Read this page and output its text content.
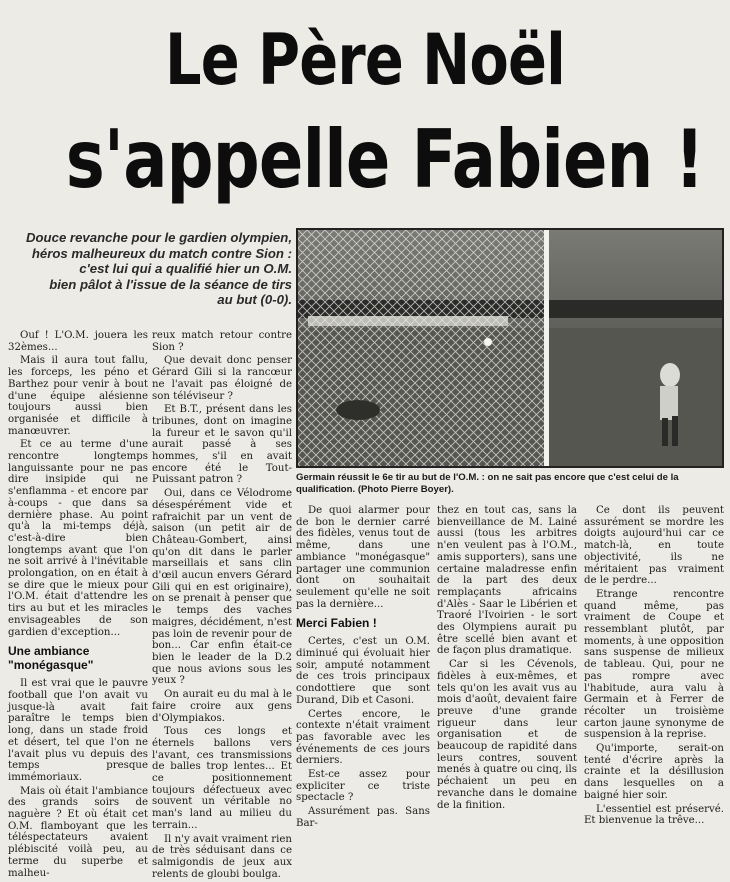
Le Père Noël
s'appelle Fabien !
Douce revanche pour le gardien olympien,
héros malheureux du match contre Sion :
c'est lui qui a qualifié hier un O.M.
bien pâlot à l'issue de la séance de tirs
au but (0-0).
Germain réussit le 6e tir au but de l'O.M. : on ne sait pas encore que c'est celui de la qualification. (Photo Pierre Boyer).

Ouf ! L'O.M. jouera les 32èmes...

Mais il aura tout fallu, les forceps, les péno et Barthez pour venir à bout d'une équipe alésienne toujours aussi bien organisée et difficile à manœuvrer.

Et ce au terme d'une rencontre longtemps languissante pour ne pas dire insipide qui ne s'enflamma - et encore par à-coups - que dans sa dernière phase. Au point qu'à la mi-temps déjà, c'est-à-dire bien longtemps avant que l'on ne soit arrivé à l'inévitable prolongation, on en était à se dire que le mieux pour l'O.M. était d'attendre les tirs au but et les miracles envisageables de son gardien d'exception...

Une ambiance
"monégasque"

Il est vrai que le pauvre football que l'on avait vu jusque-là avait fait paraître le temps bien long, dans un stade froid et désert, tel que l'on ne l'avait plus vu depuis des temps presque immémoriaux.

Mais où était l'ambiance des grands soirs de naguère ? Et où était cet O.M. flamboyant que les téléspectateurs avaient plébiscité voilà peu, au terme du superbe et malheu-

reux match retour contre Sion ?

Que devait donc penser Gérard Gili si la rancœur ne l'avait pas éloigné de son téléviseur ?

Et B.T., présent dans les tribunes, dont on imagine la fureur et le savon qu'il aurait passé à ses hommes, s'il en avait encore été le Tout-Puissant patron ?

Oui, dans ce Vélodrome désespérément vide et rafraichit par un vent de saison (un petit air de Château-Gombert, ainsi qu'on dit dans le parler marseillais et sans clin d'œil aucun envers Gérard Gili qui en est originaire), on se prenait à penser que le temps des vaches maigres, décidément, n'est pas loin de revenir pour de bon... Car enfin était-ce bien le leader de la D.2 que nous avions sous les yeux ?

On aurait eu du mal à le faire croire aux gens d'Olympiakos.

Tous ces longs et éternels ballons vers l'avant, ces transmissions de balles trop lentes... Et ce positionnement toujours défectueux avec souvent un véritable no man's land au milieu du terrain...

Il n'y avait vraiment rien de très séduisant dans ce salmigondis de jeux aux relents de gloubi boulga.

De quoi alarmer pour de bon le dernier carré des fidèles, venus tout de même, dans une ambiance "monégasque" partager une communion dont on souhaitait seulement qu'elle ne soit pas la dernière...

Merci Fabien !

Certes, c'est un O.M. diminué qui évoluait hier soir, amputé notamment de ces trois principaux condottiere que sont Durand, Dib et Casoni.

Certes encore, le contexte n'était vraiment pas favorable avec les événements de ces jours derniers.

Est-ce assez pour expliciter ce triste spectacle ?

Assurément pas. Sans Bar-

thez en tout cas, sans la bienveillance de M. Lainé aussi (tous les arbitres n'en veulent pas à l'O.M., amis supporters), sans une certaine maladresse enfin de la part des deux remplaçants africains d'Alès - Saar le Libérien et Traoré l'Ivoirien - le sort des Olympiens aurait pu être scellé bien avant et de façon plus dramatique.

Car si les Cévenols, fidèles à eux-mêmes, et tels qu'on les avait vus au mois d'août, devaient faire preuve d'une grande rigueur dans leur organisation et de beaucoup de rapidité dans leurs contres, souvent menés à quatre ou cinq, ils péchaient un peu en revanche dans le domaine de la finition.

Ce dont ils peuvent assurément se mordre les doigts aujourd'hui car ce match-là, en toute objectivité, ils ne méritaient pas vraiment de le perdre...

Etrange rencontre quand même, pas vraiment de Coupe et ressemblant plutôt, par moments, à une opposition sans suspense de milieux de tableau. Qui, pour ne pas rompre avec l'habitude, aura valu à Germain et à Ferrer de récolter un troisième carton jaune synonyme de suspension à la reprise.

Qu'importe, serait-on tenté d'écrire après la crainte et la désillusion dans lesquelles on a baigné hier soir.

L'essentiel est préservé. Et bienvenue la trêve...
